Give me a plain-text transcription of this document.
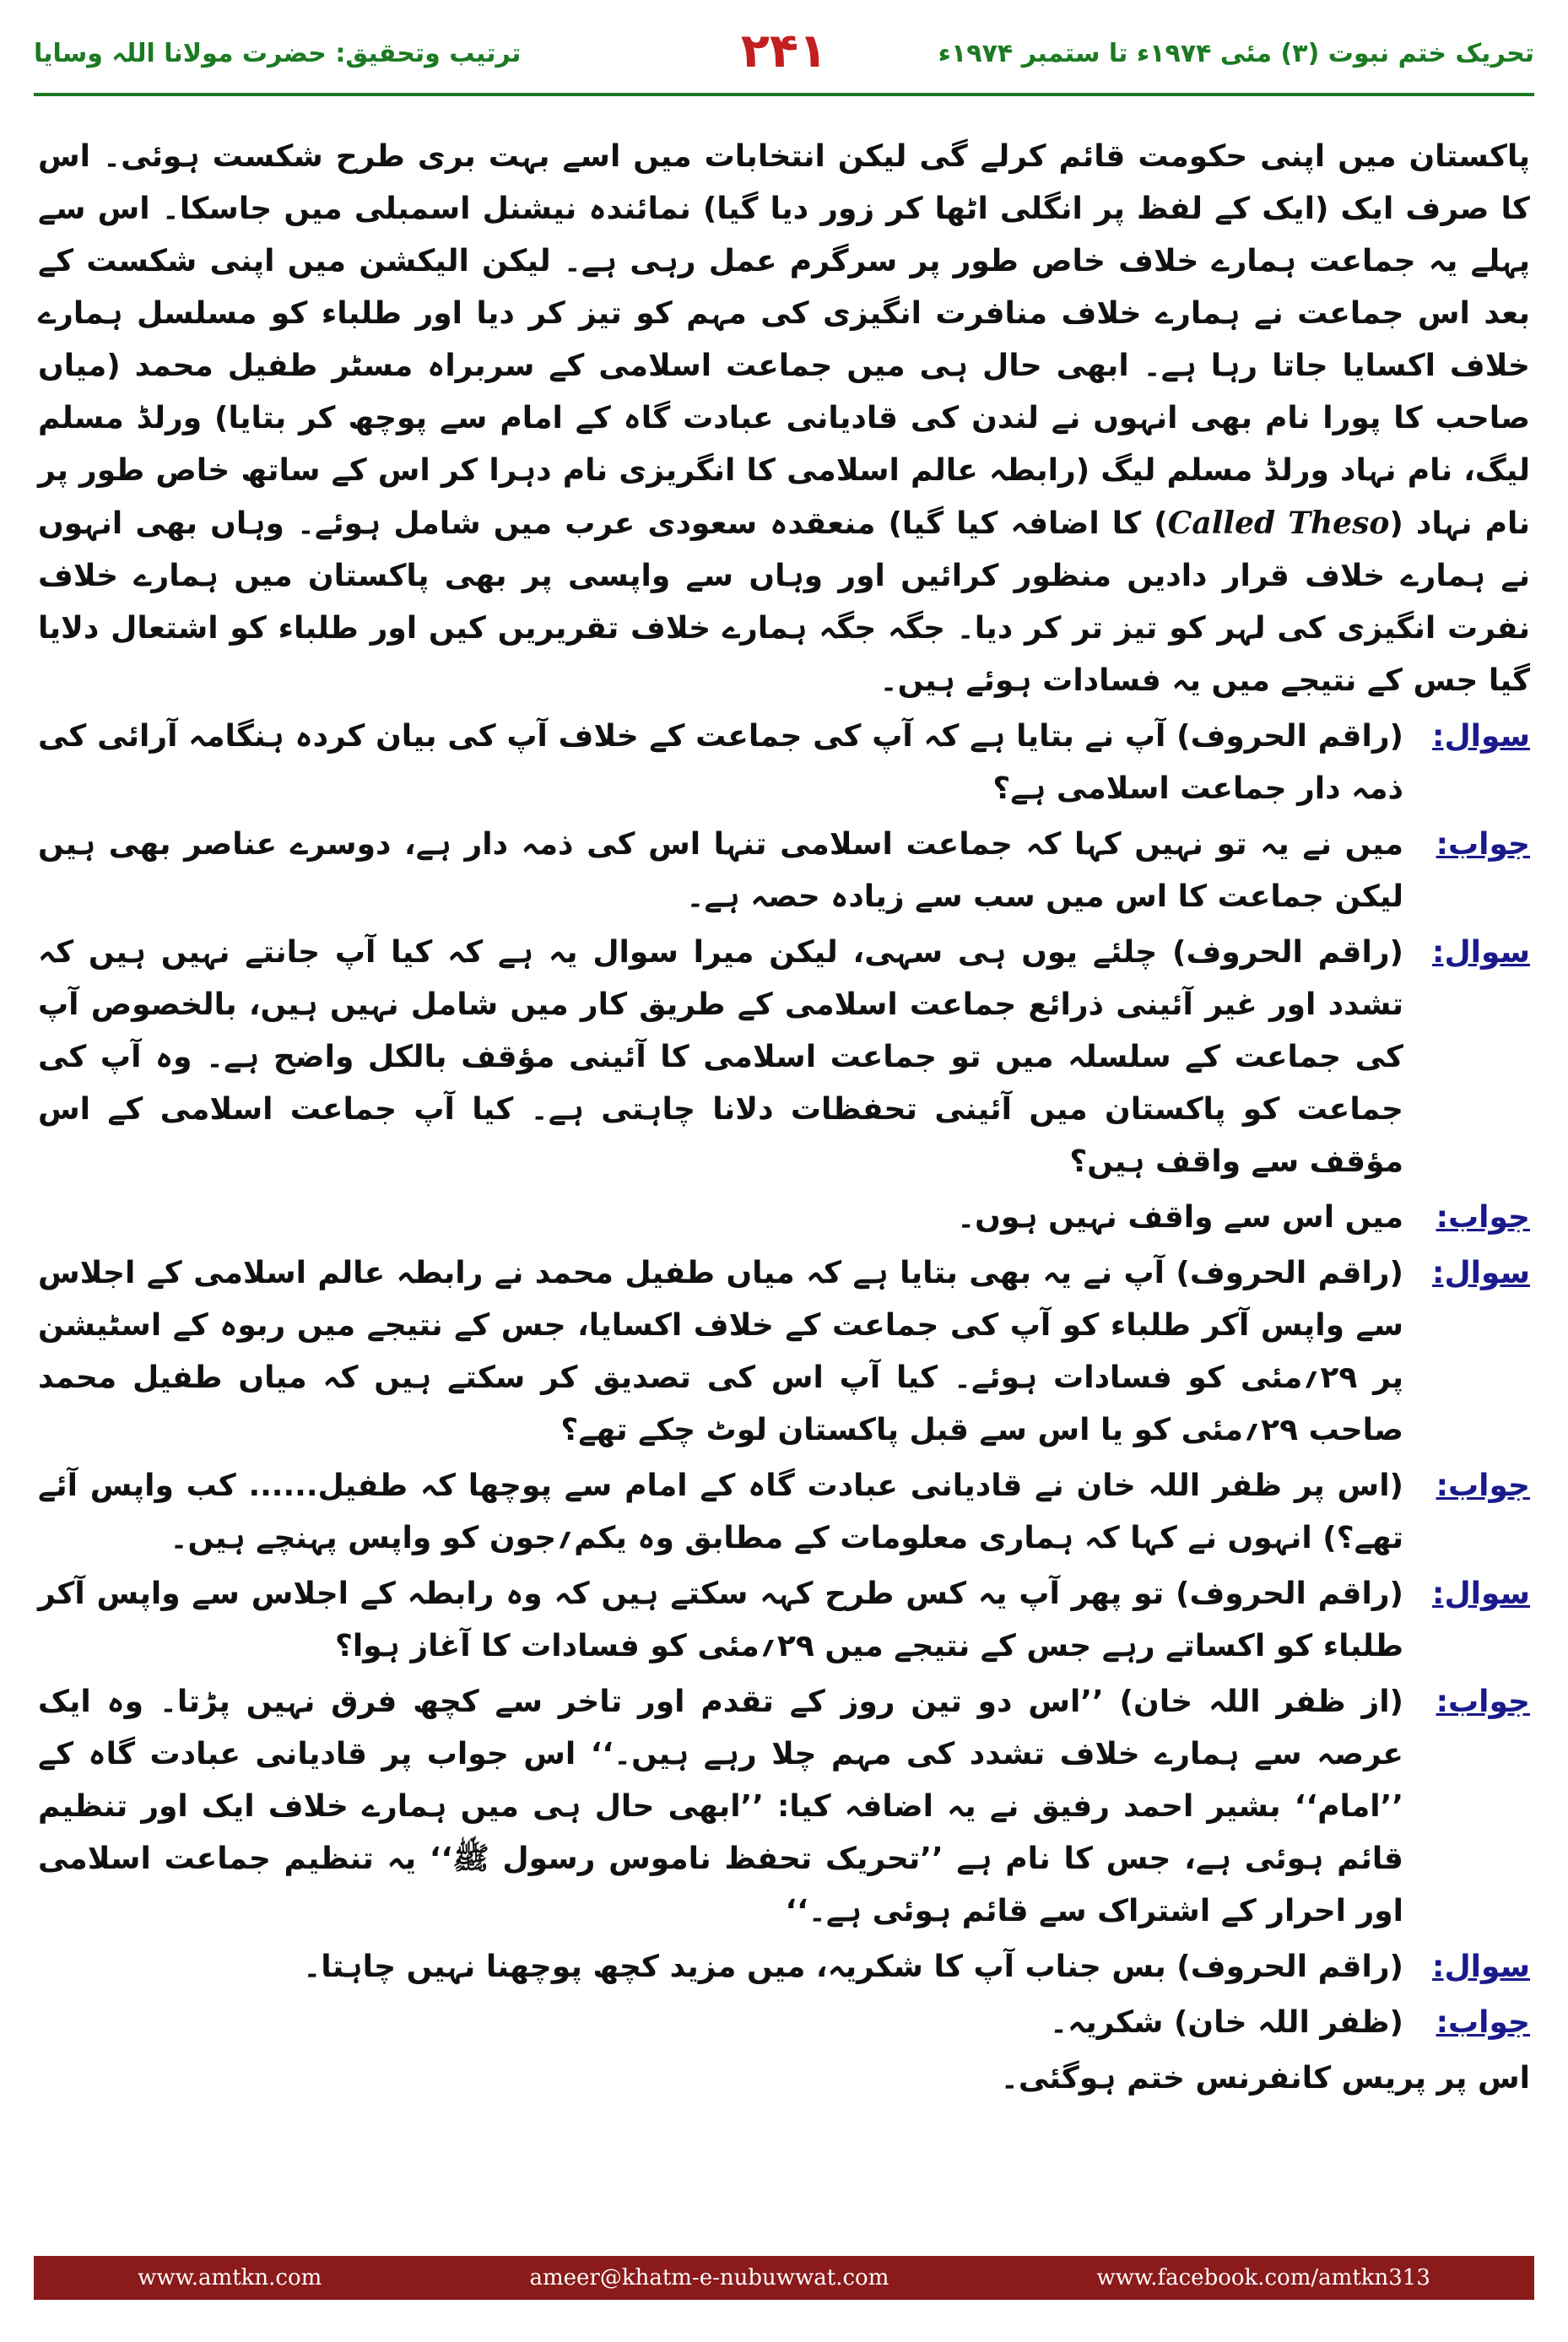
تحریک ختم نبوت (۳) مئی ۱۹۷۴ء تا ستمبر ۱۹۷۴ء
۲۴۱
ترتیب وتحقیق: حضرت مولانا اللہ وسایا

پاکستان میں اپنی حکومت قائم کرلے گی لیکن انتخابات میں اسے بہت بری طرح شکست ہوئی۔ اس کا صرف ایک (ایک کے لفظ پر انگلی اٹھا کر زور دیا گیا) نمائندہ نیشنل اسمبلی میں جاسکا۔ اس سے پہلے یہ جماعت ہمارے خلاف خاص طور پر سرگرم عمل رہی ہے۔ لیکن الیکشن میں اپنی شکست کے بعد اس جماعت نے ہمارے خلاف منافرت انگیزی کی مہم کو تیز کر دیا اور طلباء کو مسلسل ہمارے خلاف اکسایا جاتا رہا ہے۔ ابھی حال ہی میں جماعت اسلامی کے سربراہ مسٹر طفیل محمد (میاں صاحب کا پورا نام بھی انہوں نے لندن کی قادیانی عبادت گاہ کے امام سے پوچھ کر بتایا) ورلڈ مسلم لیگ، نام نہاد ورلڈ مسلم لیگ (رابطہ عالم اسلامی کا انگریزی نام دہرا کر اس کے ساتھ خاص طور پر نام نہاد (Called Theso) کا اضافہ کیا گیا) منعقدہ سعودی عرب میں شامل ہوئے۔ وہاں بھی انہوں نے ہمارے خلاف قرار دادیں منظور کرائیں اور وہاں سے واپسی پر بھی پاکستان میں ہمارے خلاف نفرت انگیزی کی لہر کو تیز تر کر دیا۔ جگہ جگہ ہمارے خلاف تقریریں کیں اور طلباء کو اشتعال دلایا گیا جس کے نتیجے میں یہ فسادات ہوئے ہیں۔

سوال:
(راقم الحروف) آپ نے بتایا ہے کہ آپ کی جماعت کے خلاف آپ کی بیان کردہ ہنگامہ آرائی کی ذمہ دار جماعت اسلامی ہے؟
جواب:
میں نے یہ تو نہیں کہا کہ جماعت اسلامی تنہا اس کی ذمہ دار ہے، دوسرے عناصر بھی ہیں لیکن جماعت کا اس میں سب سے زیادہ حصہ ہے۔
سوال:
(راقم الحروف) چلئے یوں ہی سہی، لیکن میرا سوال یہ ہے کہ کیا آپ جانتے نہیں ہیں کہ تشدد اور غیر آئینی ذرائع جماعت اسلامی کے طریق کار میں شامل نہیں ہیں، بالخصوص آپ کی جماعت کے سلسلہ میں تو جماعت اسلامی کا آئینی مؤقف بالکل واضح ہے۔ وہ آپ کی جماعت کو پاکستان میں آئینی تحفظات دلانا چاہتی ہے۔ کیا آپ جماعت اسلامی کے اس مؤقف سے واقف ہیں؟
جواب:
میں اس سے واقف نہیں ہوں۔
سوال:
(راقم الحروف) آپ نے یہ بھی بتایا ہے کہ میاں طفیل محمد نے رابطہ عالم اسلامی کے اجلاس سے واپس آکر طلباء کو آپ کی جماعت کے خلاف اکسایا، جس کے نتیجے میں ربوہ کے اسٹیشن پر ۲۹؍مئی کو فسادات ہوئے۔ کیا آپ اس کی تصدیق کر سکتے ہیں کہ میاں طفیل محمد صاحب ۲۹؍مئی کو یا اس سے قبل پاکستان لوٹ چکے تھے؟
جواب:
(اس پر ظفر اللہ خان نے قادیانی عبادت گاہ کے امام سے پوچھا کہ طفیل...... کب واپس آئے تھے؟) انہوں نے کہا کہ ہماری معلومات کے مطابق وہ یکم؍جون کو واپس پہنچے ہیں۔
سوال:
(راقم الحروف) تو پھر آپ یہ کس طرح کہہ سکتے ہیں کہ وہ رابطہ کے اجلاس سے واپس آکر طلباء کو اکساتے رہے جس کے نتیجے میں ۲۹؍مئی کو فسادات کا آغاز ہوا؟
جواب:
(از ظفر اللہ خان) ’’اس دو تین روز کے تقدم اور تاخر سے کچھ فرق نہیں پڑتا۔ وہ ایک عرصہ سے ہمارے خلاف تشدد کی مہم چلا رہے ہیں۔‘‘ اس جواب پر قادیانی عبادت گاہ کے ’’امام‘‘ بشیر احمد رفیق نے یہ اضافہ کیا: ’’ابھی حال ہی میں ہمارے خلاف ایک اور تنظیم قائم ہوئی ہے، جس کا نام ہے ’’تحریک تحفظ ناموس رسول ﷺ‘‘ یہ تنظیم جماعت اسلامی اور احرار کے اشتراک سے قائم ہوئی ہے۔‘‘
سوال:
(راقم الحروف) بس جناب آپ کا شکریہ، میں مزید کچھ پوچھنا نہیں چاہتا۔
جواب:
(ظفر اللہ خان) شکریہ۔

اس پر پریس کانفرنس ختم ہوگئی۔

www.amtkn.com	ameer@khatm-e-nubuwwat.com	www.facebook.com/amtkn313
